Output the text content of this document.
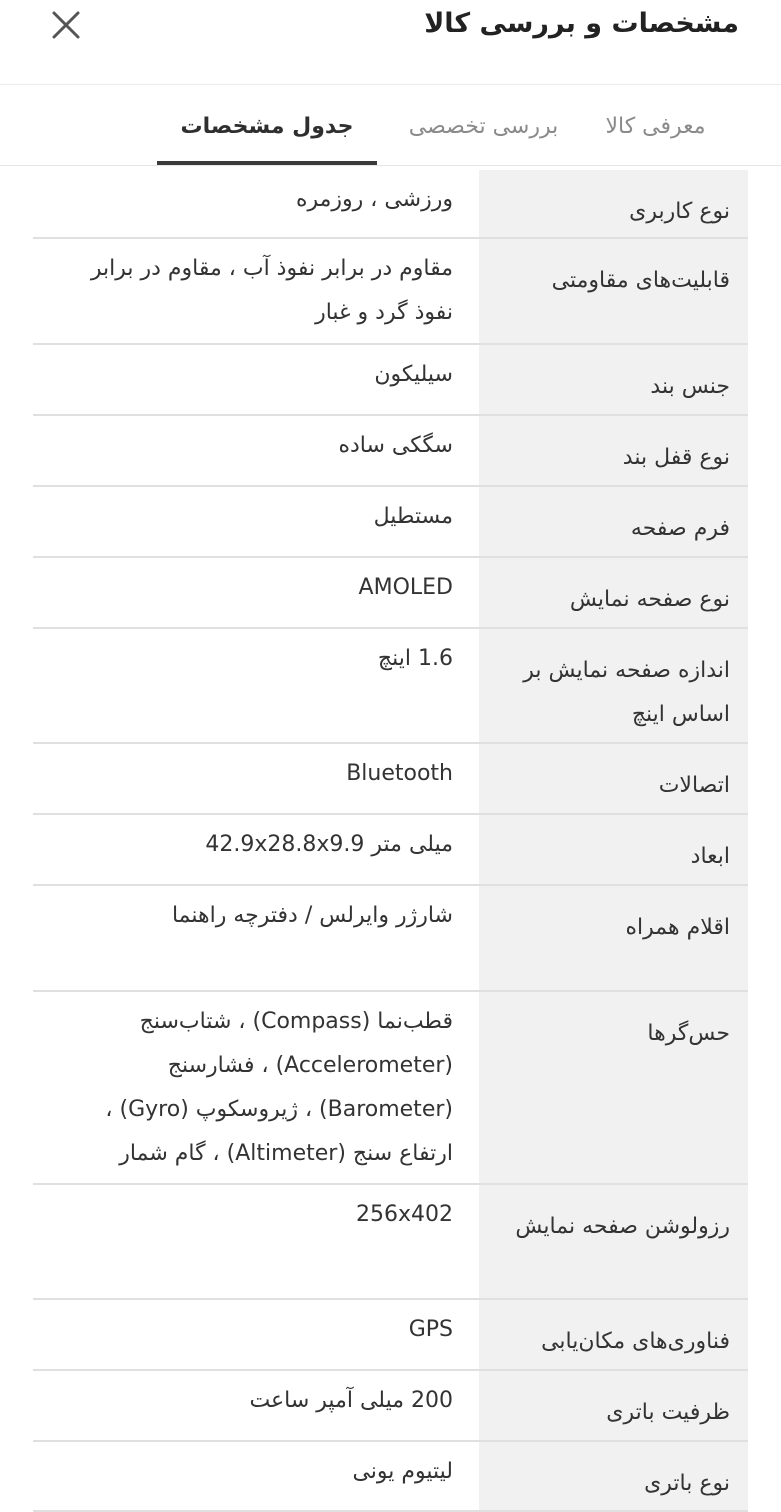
مشخصات و بررسی کالا
معرفی کالا
بررسی تخصصی
جدول مشخصات
نوع کاربری
ورزشی ، روزمره
قابلیت‌های مقاومتی
مقاوم در برابر نفوذ آب ، مقاوم در برابر نفوذ گرد و غبار
جنس بند
سیلیکون
نوع قفل بند
سگکی ساده
فرم صفحه
مستطیل
نوع صفحه نمایش
AMOLED
اندازه صفحه نمایش بر اساس اینچ
1.6 اینچ
اتصالات
Bluetooth
ابعاد
میلی متر 42.9x28.8x9.9
اقلام همراه
شارژر وایرلس / دفترچه راهنما
حس‌گرها
قطب‌نما (Compass) ، شتاب‌سنج (Accelerometer) ، فشارسنج (Barometer) ، ژیروسکوپ (Gyro) ، ارتفاع سنج (Altimeter) ، گام شمار
رزولوشن صفحه نمایش
256x402
فناوری‌های مکان‌یابی
GPS
ظرفیت باتری
200 میلی آمپر ساعت
نوع باتری
لیتیوم یونی
